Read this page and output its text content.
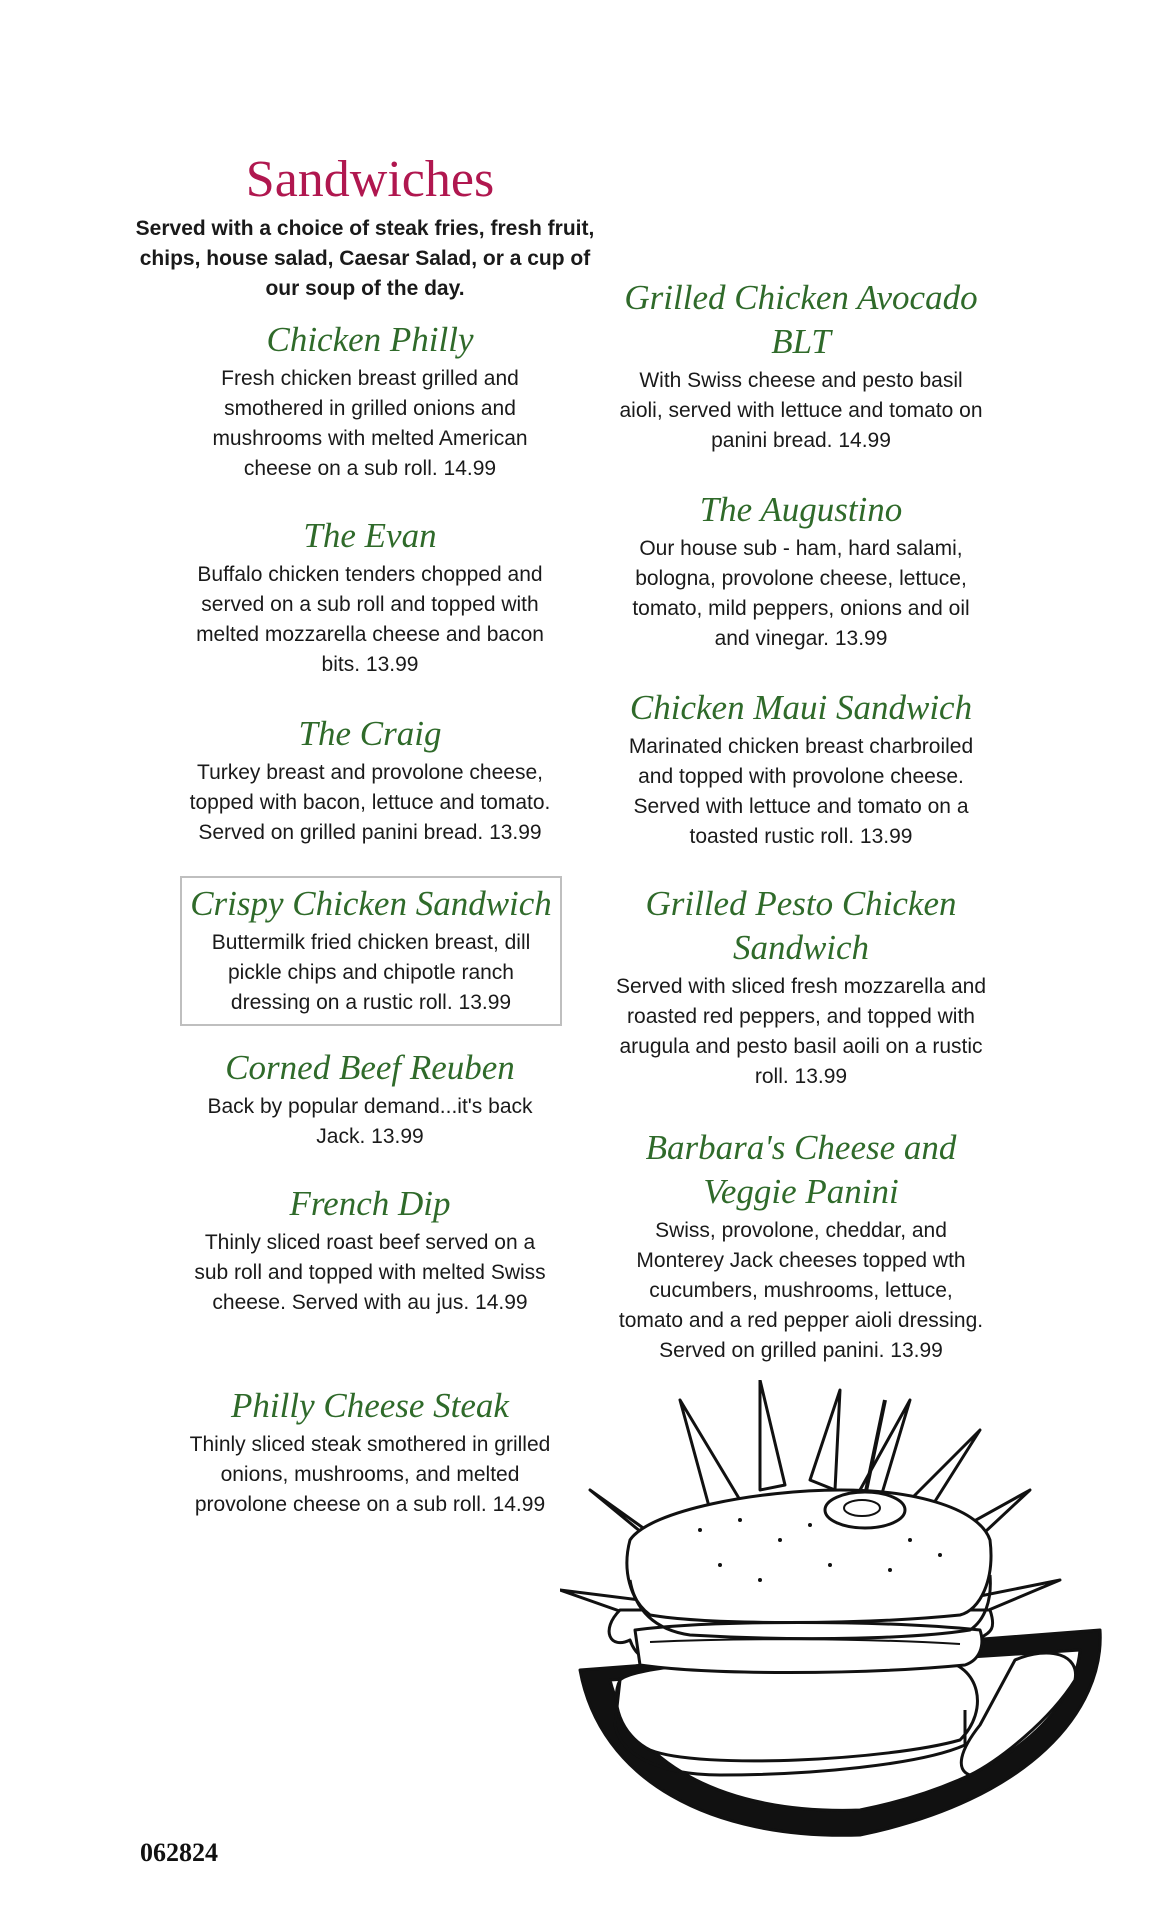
Sandwiches

Served with a choice of steak fries, fresh fruit, chips, house salad, Caesar Salad, or a cup of our soup of the day.

Chicken Philly

Fresh chicken breast grilled and smothered in grilled onions and mushrooms with melted American cheese on a sub roll. 14.99

The Evan

Buffalo chicken tenders chopped and served on a sub roll and topped with melted mozzarella cheese and bacon bits. 13.99

The Craig

Turkey breast and provolone cheese, topped with bacon, lettuce and tomato. Served on grilled panini bread. 13.99

Crispy Chicken Sandwich

Buttermilk fried chicken breast, dill pickle chips and chipotle ranch dressing on a rustic roll. 13.99

Corned Beef Reuben

Back by popular demand...it's back Jack. 13.99

French Dip

Thinly sliced roast beef served on a sub roll and topped with melted Swiss cheese. Served with au jus. 14.99

Philly Cheese Steak

Thinly sliced steak smothered in grilled onions, mushrooms, and melted provolone cheese on a sub roll. 14.99

Grilled Chicken Avocado BLT

With Swiss cheese and pesto basil aioli, served with lettuce and tomato on panini bread. 14.99

The Augustino

Our house sub - ham, hard salami, bologna, provolone cheese, lettuce, tomato, mild peppers, onions and oil and vinegar. 13.99

Chicken Maui Sandwich

Marinated chicken breast charbroiled and topped with provolone cheese. Served with lettuce and tomato on a toasted rustic roll. 13.99

Grilled Pesto Chicken Sandwich

Served with sliced fresh mozzarella and roasted red peppers, and topped with arugula and pesto basil aoili on a rustic roll. 13.99

Barbara's Cheese and Veggie Panini

Swiss, provolone, cheddar, and Monterey Jack cheeses topped wth cucumbers, mushrooms, lettuce, tomato and a red pepper aioli dressing. Served on grilled panini. 13.99

062824
